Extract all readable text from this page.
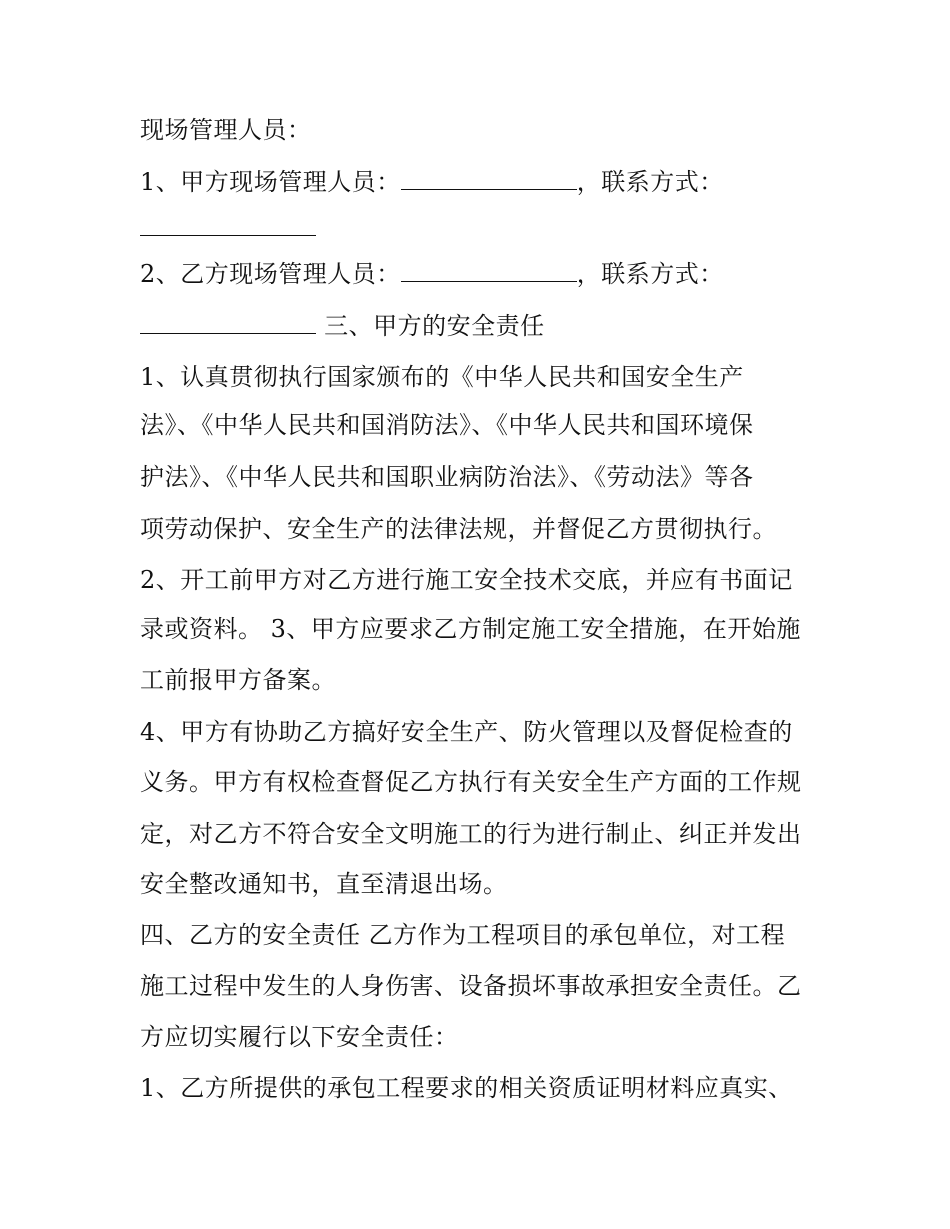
现场管理人员：
1、甲方现场管理人员：	，联系方式：
2、乙方现场管理人员：	，联系方式：
三、甲方的安全责任
1、认真贯彻执行国家颁布的《中华人民共和国安全生产
法》、《中华人民共和国消防法》、《中华人民共和国环境保
护法》、《中华人民共和国职业病防治法》、《劳动法》等各
项劳动保护、安全生产的法律法规，并督促乙方贯彻执行。
2、开工前甲方对乙方进行施工安全技术交底，并应有书面记
录或资料。 3、甲方应要求乙方制定施工安全措施，在开始施
工前报甲方备案。
4、甲方有协助乙方搞好安全生产、防火管理以及督促检查的
义务。甲方有权检查督促乙方执行有关安全生产方面的工作规
定，对乙方不符合安全文明施工的行为进行制止、纠正并发出
安全整改通知书，直至清退出场。
四、乙方的安全责任 乙方作为工程项目的承包单位，对工程
施工过程中发生的人身伤害、设备损坏事故承担安全责任。乙
方应切实履行以下安全责任：
1、乙方所提供的承包工程要求的相关资质证明材料应真实、
